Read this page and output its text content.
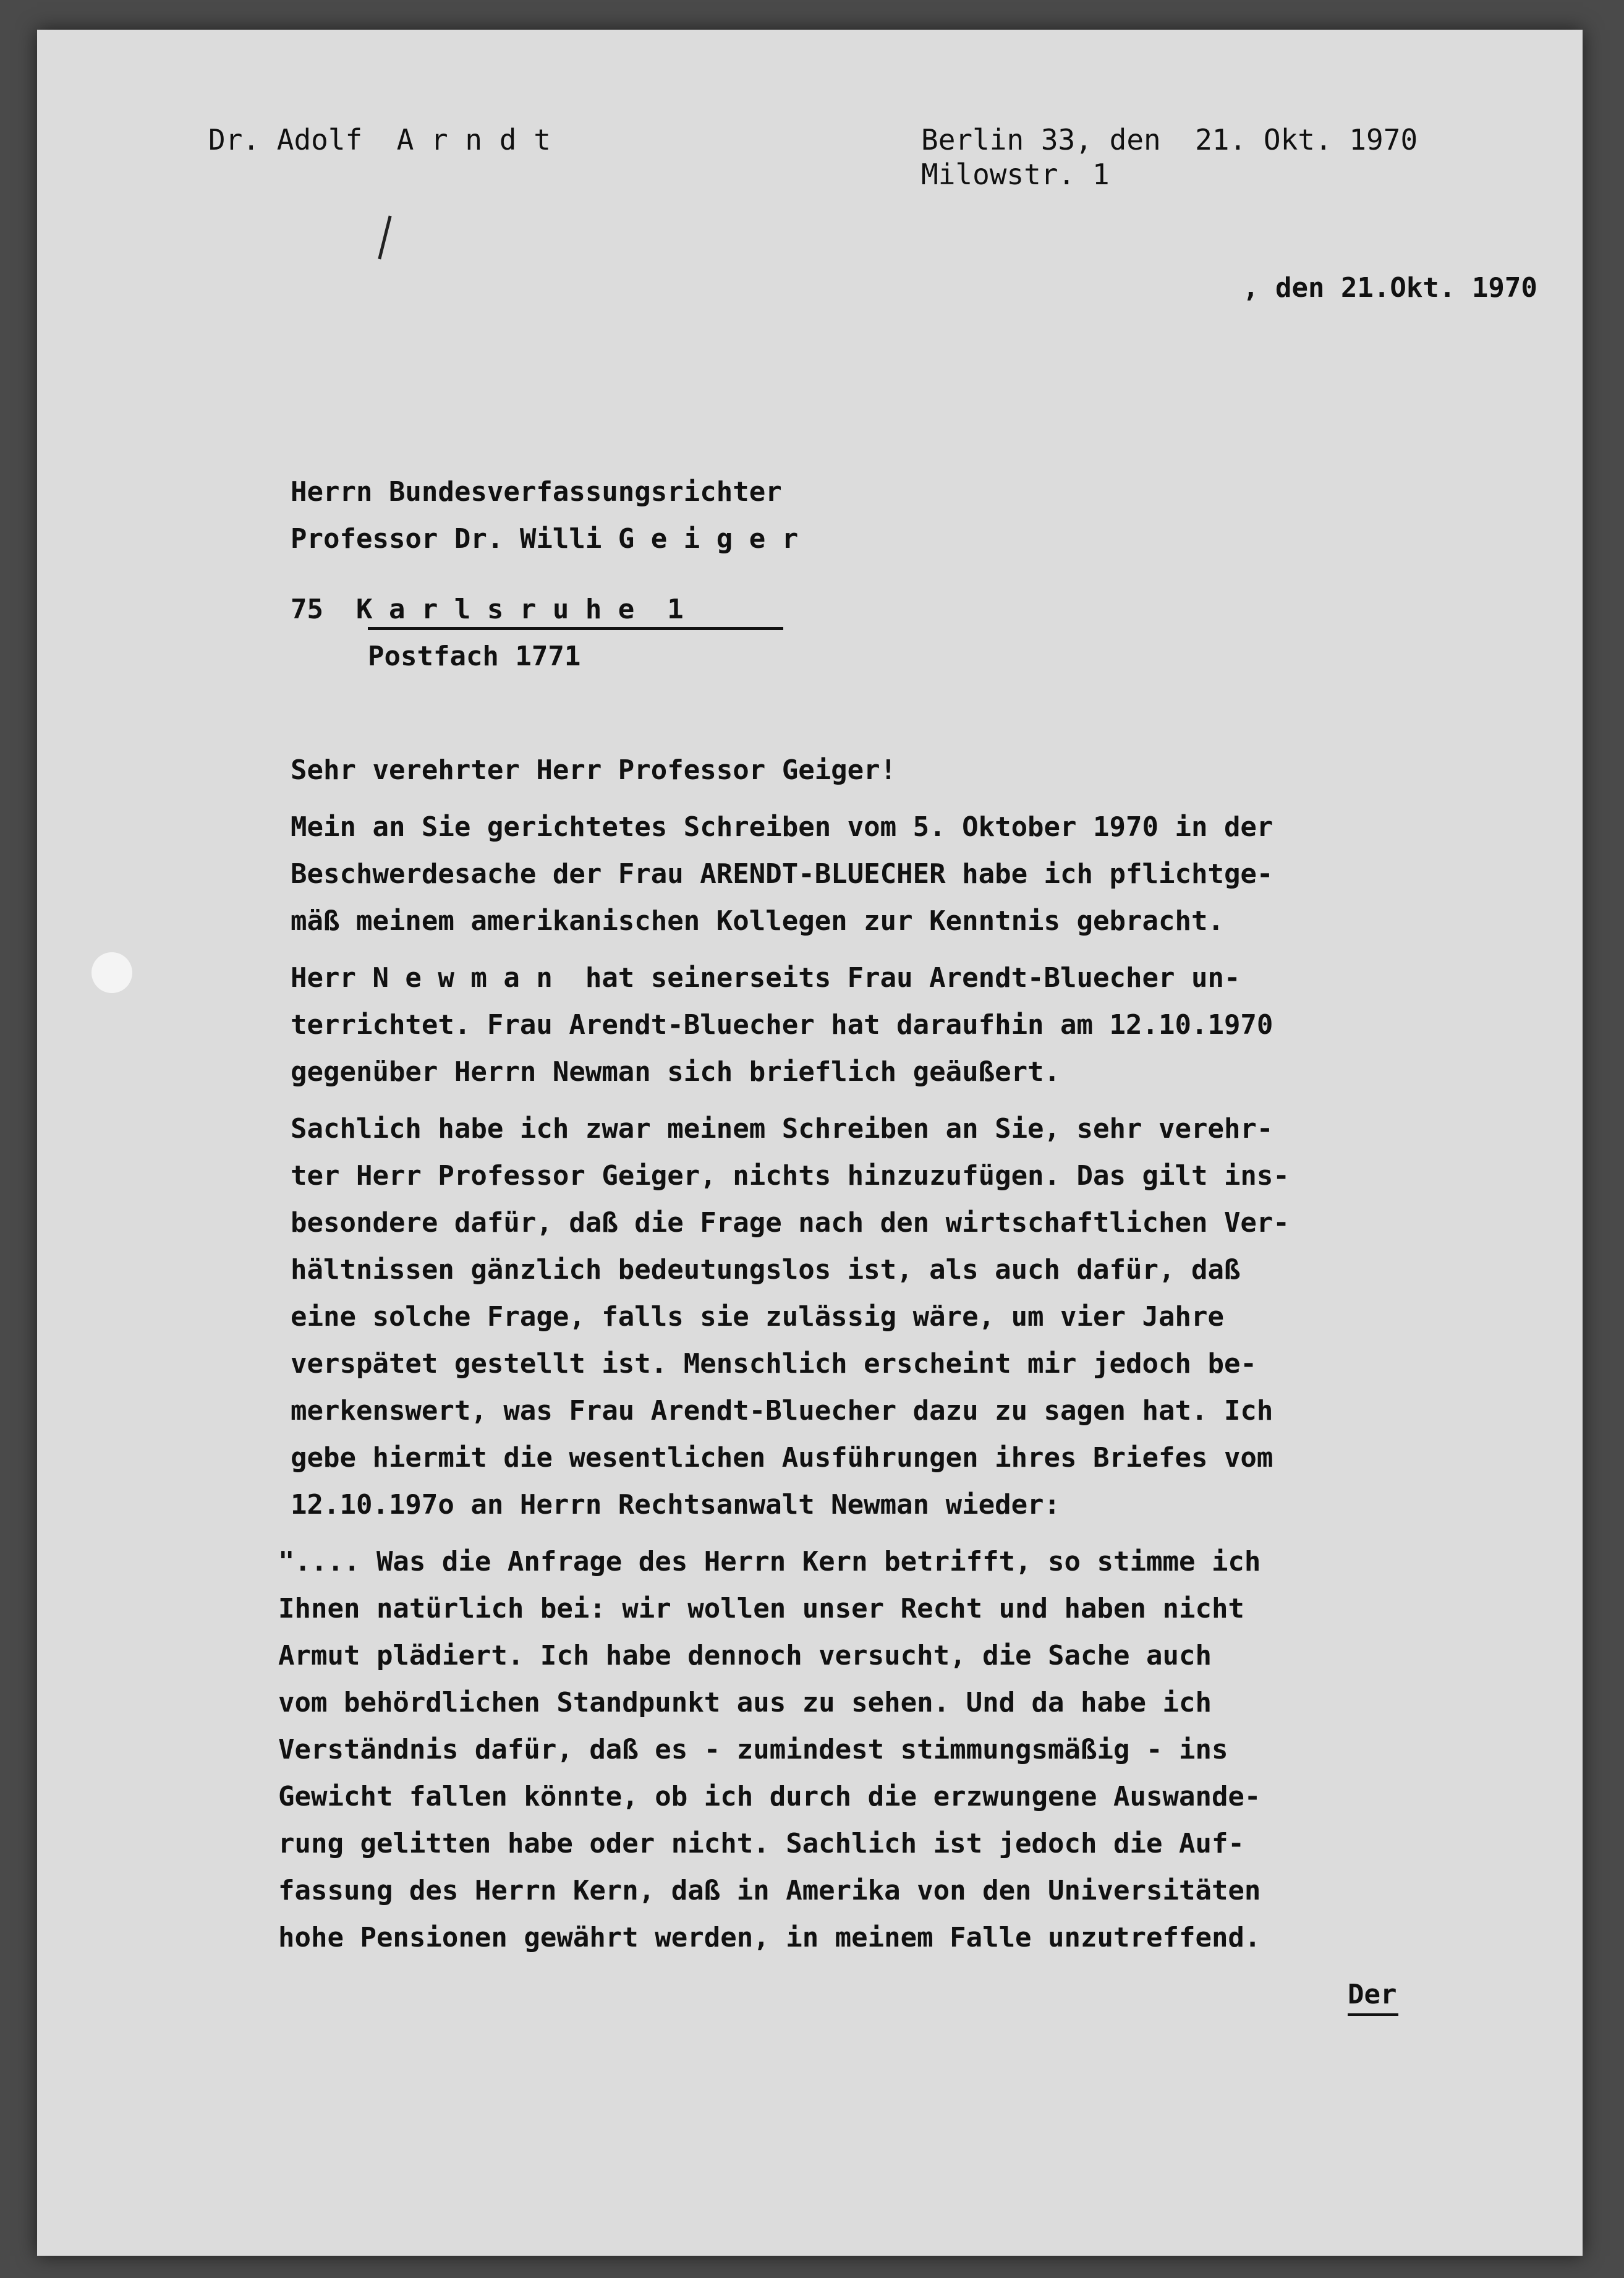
Dr. Adolf  A r n d t	Berlin 33, den  21. Okt. 1970

Milowstr. 1

, den 21.Okt. 1970

Herrn Bundesverfassungsrichter

Professor Dr. Willi G e i g e r

75  K a r l s r u h e  1

Postfach 1771

Sehr verehrter Herr Professor Geiger!

Mein an Sie gerichtetes Schreiben vom 5. Oktober 1970 in der

Beschwerdesache der Frau ARENDT-BLUECHER habe ich pflichtge-

mäß meinem amerikanischen Kollegen zur Kenntnis gebracht.

Herr N e w m a n  hat seinerseits Frau Arendt-Bluecher un-

terrichtet. Frau Arendt-Bluecher hat daraufhin am 12.10.1970

gegenüber Herrn Newman sich brieflich geäußert.

Sachlich habe ich zwar meinem Schreiben an Sie, sehr verehr-

ter Herr Professor Geiger, nichts hinzuzufügen. Das gilt ins-

besondere dafür, daß die Frage nach den wirtschaftlichen Ver-

hältnissen gänzlich bedeutungslos ist, als auch dafür, daß

eine solche Frage, falls sie zulässig wäre, um vier Jahre

verspätet gestellt ist. Menschlich erscheint mir jedoch be-

merkenswert, was Frau Arendt-Bluecher dazu zu sagen hat. Ich

gebe hiermit die wesentlichen Ausführungen ihres Briefes vom

12.10.197o an Herrn Rechtsanwalt Newman wieder:

".... Was die Anfrage des Herrn Kern betrifft, so stimme ich

Ihnen natürlich bei: wir wollen unser Recht und haben nicht

Armut plädiert. Ich habe dennoch versucht, die Sache auch

vom behördlichen Standpunkt aus zu sehen. Und da habe ich

Verständnis dafür, daß es - zumindest stimmungsmäßig - ins

Gewicht fallen könnte, ob ich durch die erzwungene Auswande-

rung gelitten habe oder nicht. Sachlich ist jedoch die Auf-

fassung des Herrn Kern, daß in Amerika von den Universitäten

hohe Pensionen gewährt werden, in meinem Falle unzutreffend.

Der
